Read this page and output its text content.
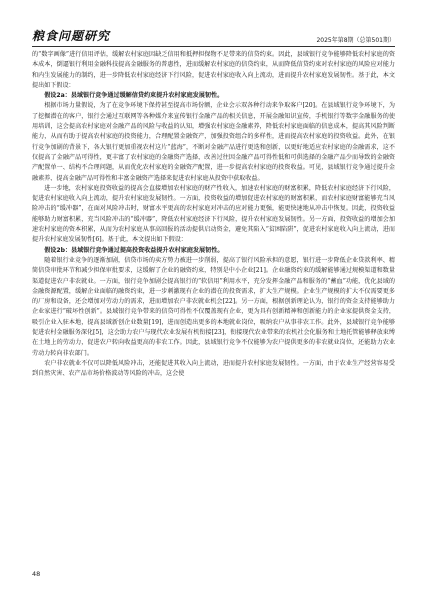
粮食问题研究	2025年第8期（总第501期）

的“数字画像”进行信用评估，缓解农村家庭因缺乏信用和抵押担保物不足带来的信贷约束。因此，县域银行竞争能够降低农村家庭的资本成本，倒逼银行利用金融科技提高金融服务的普惠性，进而缓解农村家庭的信贷约束，从而降低信贷约束对农村家庭的风险应对能力和内生发展能力的制约，进一步降低农村家庭经济下行风险，促进农村家庭收入向上流动，进而提升农村家庭发展韧性。基于此，本文提出如下假设：

假设2a：县域银行竞争通过缓解信贷约束提升农村家庭发展韧性。

根据市场力量假说，为了在竞争环境下保持甚至提高市场份额，企业会示双各种行动来争取客户[20]。在县域银行竞争环境下，为了挖掘潜在的客户，银行会通过互联网等各种媒介来宣传银行金融产品的相关信息，开展金融知识宣传，手机银行等数字金融服务的使用培训，这会提高农村家庭对金融产品的风险与收益的认知，增强农村家庭金融素养，降低农村家庭面临的信息成本，提高其风险判断能力，从而有助于提高农村家庭的投资能力，合理配置金融资产，加强投资组合的多样性，进而提高农村家庭的投资收益。此外，在银行竞争加剧的背景下，各大银行更加重视农村这片“蓝海”，不断对金融产品进行更迭和创新，以更好地适应农村家庭的金融需求，这不仅提高了金融产品可得性，更丰富了农村家庭的金融资产选择，改善过往因金融产品可得性低和可供选择的金融产品少而导致的金融资产配置单一、结构不合理问题，从而优化农村家庭的金融资产配置，进一步提高农村家庭的投资收益。可见，县域银行竞争通过提升金融素养、提高金融产品可得性和丰富金融资产选择来促进农村家庭从投资中获取收益。

进一步地，农村家庭投资收益的提高会直接增加农村家庭的财产性收入，加速农村家庭的财富积累，降低农村家庭经济下行风险，促进农村家庭收入向上流动，提升农村家庭发展韧性。一方面，投资收益的增加促进农村家庭的财富积累，而农村家庭财富能够充当风险冲击的“缓冲器”，在面对风险冲击时，财富水平更高的农村家庭对冲击的应对能力更强，能更快速地从冲击中恢复。因此，投资收益能够助力财富积累，充当风险冲击的“缓冲器”，降低农村家庭经济下行风险，提升农村家庭发展韧性。另一方面，投资收益的增加会加速农村家庭的资本积累，从而为农村家庭从事高回报的活动提供启动资金，避免其陷入“贫困陷阱”，促进农村家庭收入向上流动，进而提升农村家庭发展韧性[6]。基于此，本文提出如下假设：

假设2b：县域银行竞争通过提高投资收益提升农村家庭发展韧性。

随着银行业竞争的逐渐加剧，信贷市场的卖方势力被进一步削弱，提高了银行风险承担的意愿，银行进一步降低企业贷款利率、精简信贷审批环节和减少担保审批要求，这缓解了企业的融资约束，特别是中小企业[21]。企业融资约束的缓解能够通过规模渠道和数量渠道促进农户非农就业。一方面，银行竞争加剧会提高银行的“软信用”利用水平，充分发挥金融产品和服务的“蓄血”功能，优化县域的金融资源配置，缓解企业面临的融资约束，进一步刺激现有企业的潜在的投资需求，扩大生产规模。企业生产规模的扩大不仅需要更多的厂房和设备，还会增加对劳动力的需求，进而增加农户非农就业机会[22]。另一方面，根据创新理论认为，银行的资金支持能够助力企业家进行“破坏性创新”。县域银行竞争带来的信贷可得性不仅覆盖现有企业，更为具有创新精神和创新能力的企业家提供资金支持，吸引企业入驻本地，提高县域新创企业数量[19]，进而创造出更多的本地就业岗位，吸纳农户从事非农工作。此外，县域银行竞争能够促进农村金融服务深化[5]，这会助力农户与现代农业发展有机衔接[23]，衔接现代农业带来的农机社会化服务和土地托管能够释放束缚在土地上的劳动力，促进农户转向收益更高的非农工作。因此，县域银行竞争不仅能够为农户提供更多的非农就业岗位，还能助力农业劳动力转向非农部门。

农户非农就业不仅可以降低风险冲击，还能促进其收入向上流动，进而提升农村家庭发展韧性。一方面，由于农业生产经营容易受到自然灾害、农产品市场价格波动等风险的冲击，这会使

48
